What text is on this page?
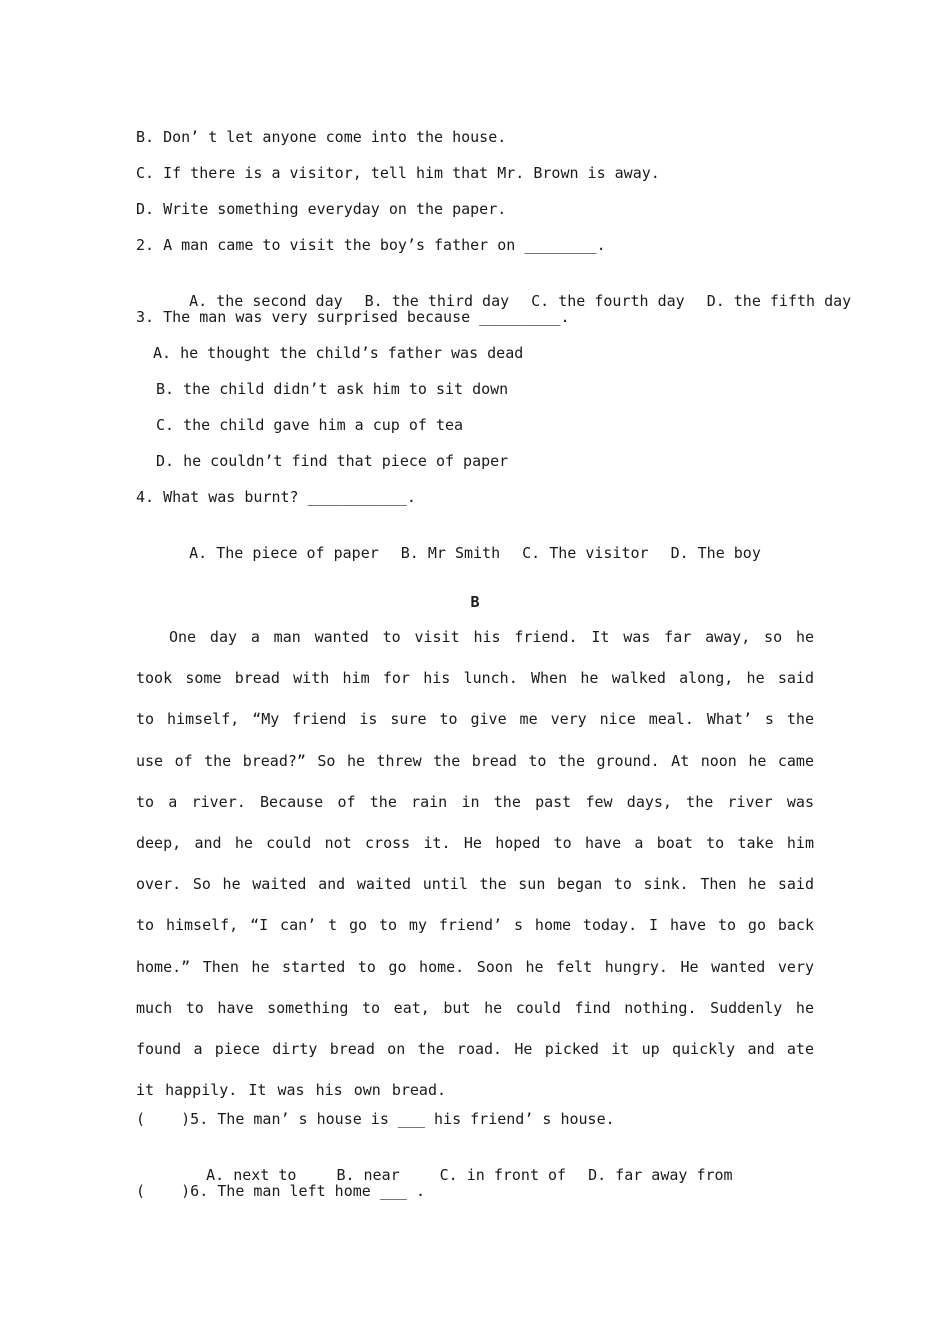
B. Don’ t let anyone come into the house.
C. If there is a visitor, tell him that Mr. Brown is away.
D. Write something everyday on the paper.
2. A man came to visit the boy’s father on ________.

A. the second day B. the third day C. the fourth day D. the fifth day

3. The man was very surprised because _________.
A. he thought the child’s father was dead
B. the child didn’t ask him to sit down
C. the child gave him a cup of tea
D. he couldn’t find that piece of paper
4. What was burnt? ___________.

A. The piece of paper B. Mr Smith C. The visitor D. The boy

B
One day a man wanted to visit his friend. It was far away, so he took some bread with him for his lunch. When he walked along, he said to himself, “My friend is sure to give me very nice meal. What’ s the use of the bread?” So he threw the bread to the ground. At noon he came to a river. Because of the rain in the past few days, the river was deep, and he could not cross it. He hoped to have a boat to take him over. So he waited and waited until the sun began to sink. Then he said to himself, “I can’ t go to my friend’ s home today. I have to go back home.” Then he started to go home. Soon he felt hungry. He wanted very much to have something to eat, but he could find nothing. Suddenly he found a piece dirty bread on the road. He picked it up quickly and ate it happily. It was his own bread.
(    )5. The man’ s house is ___ his friend’ s house.

A. next to	B. near	C. in front of D. far away from

(    )6. The man left home ___ .
